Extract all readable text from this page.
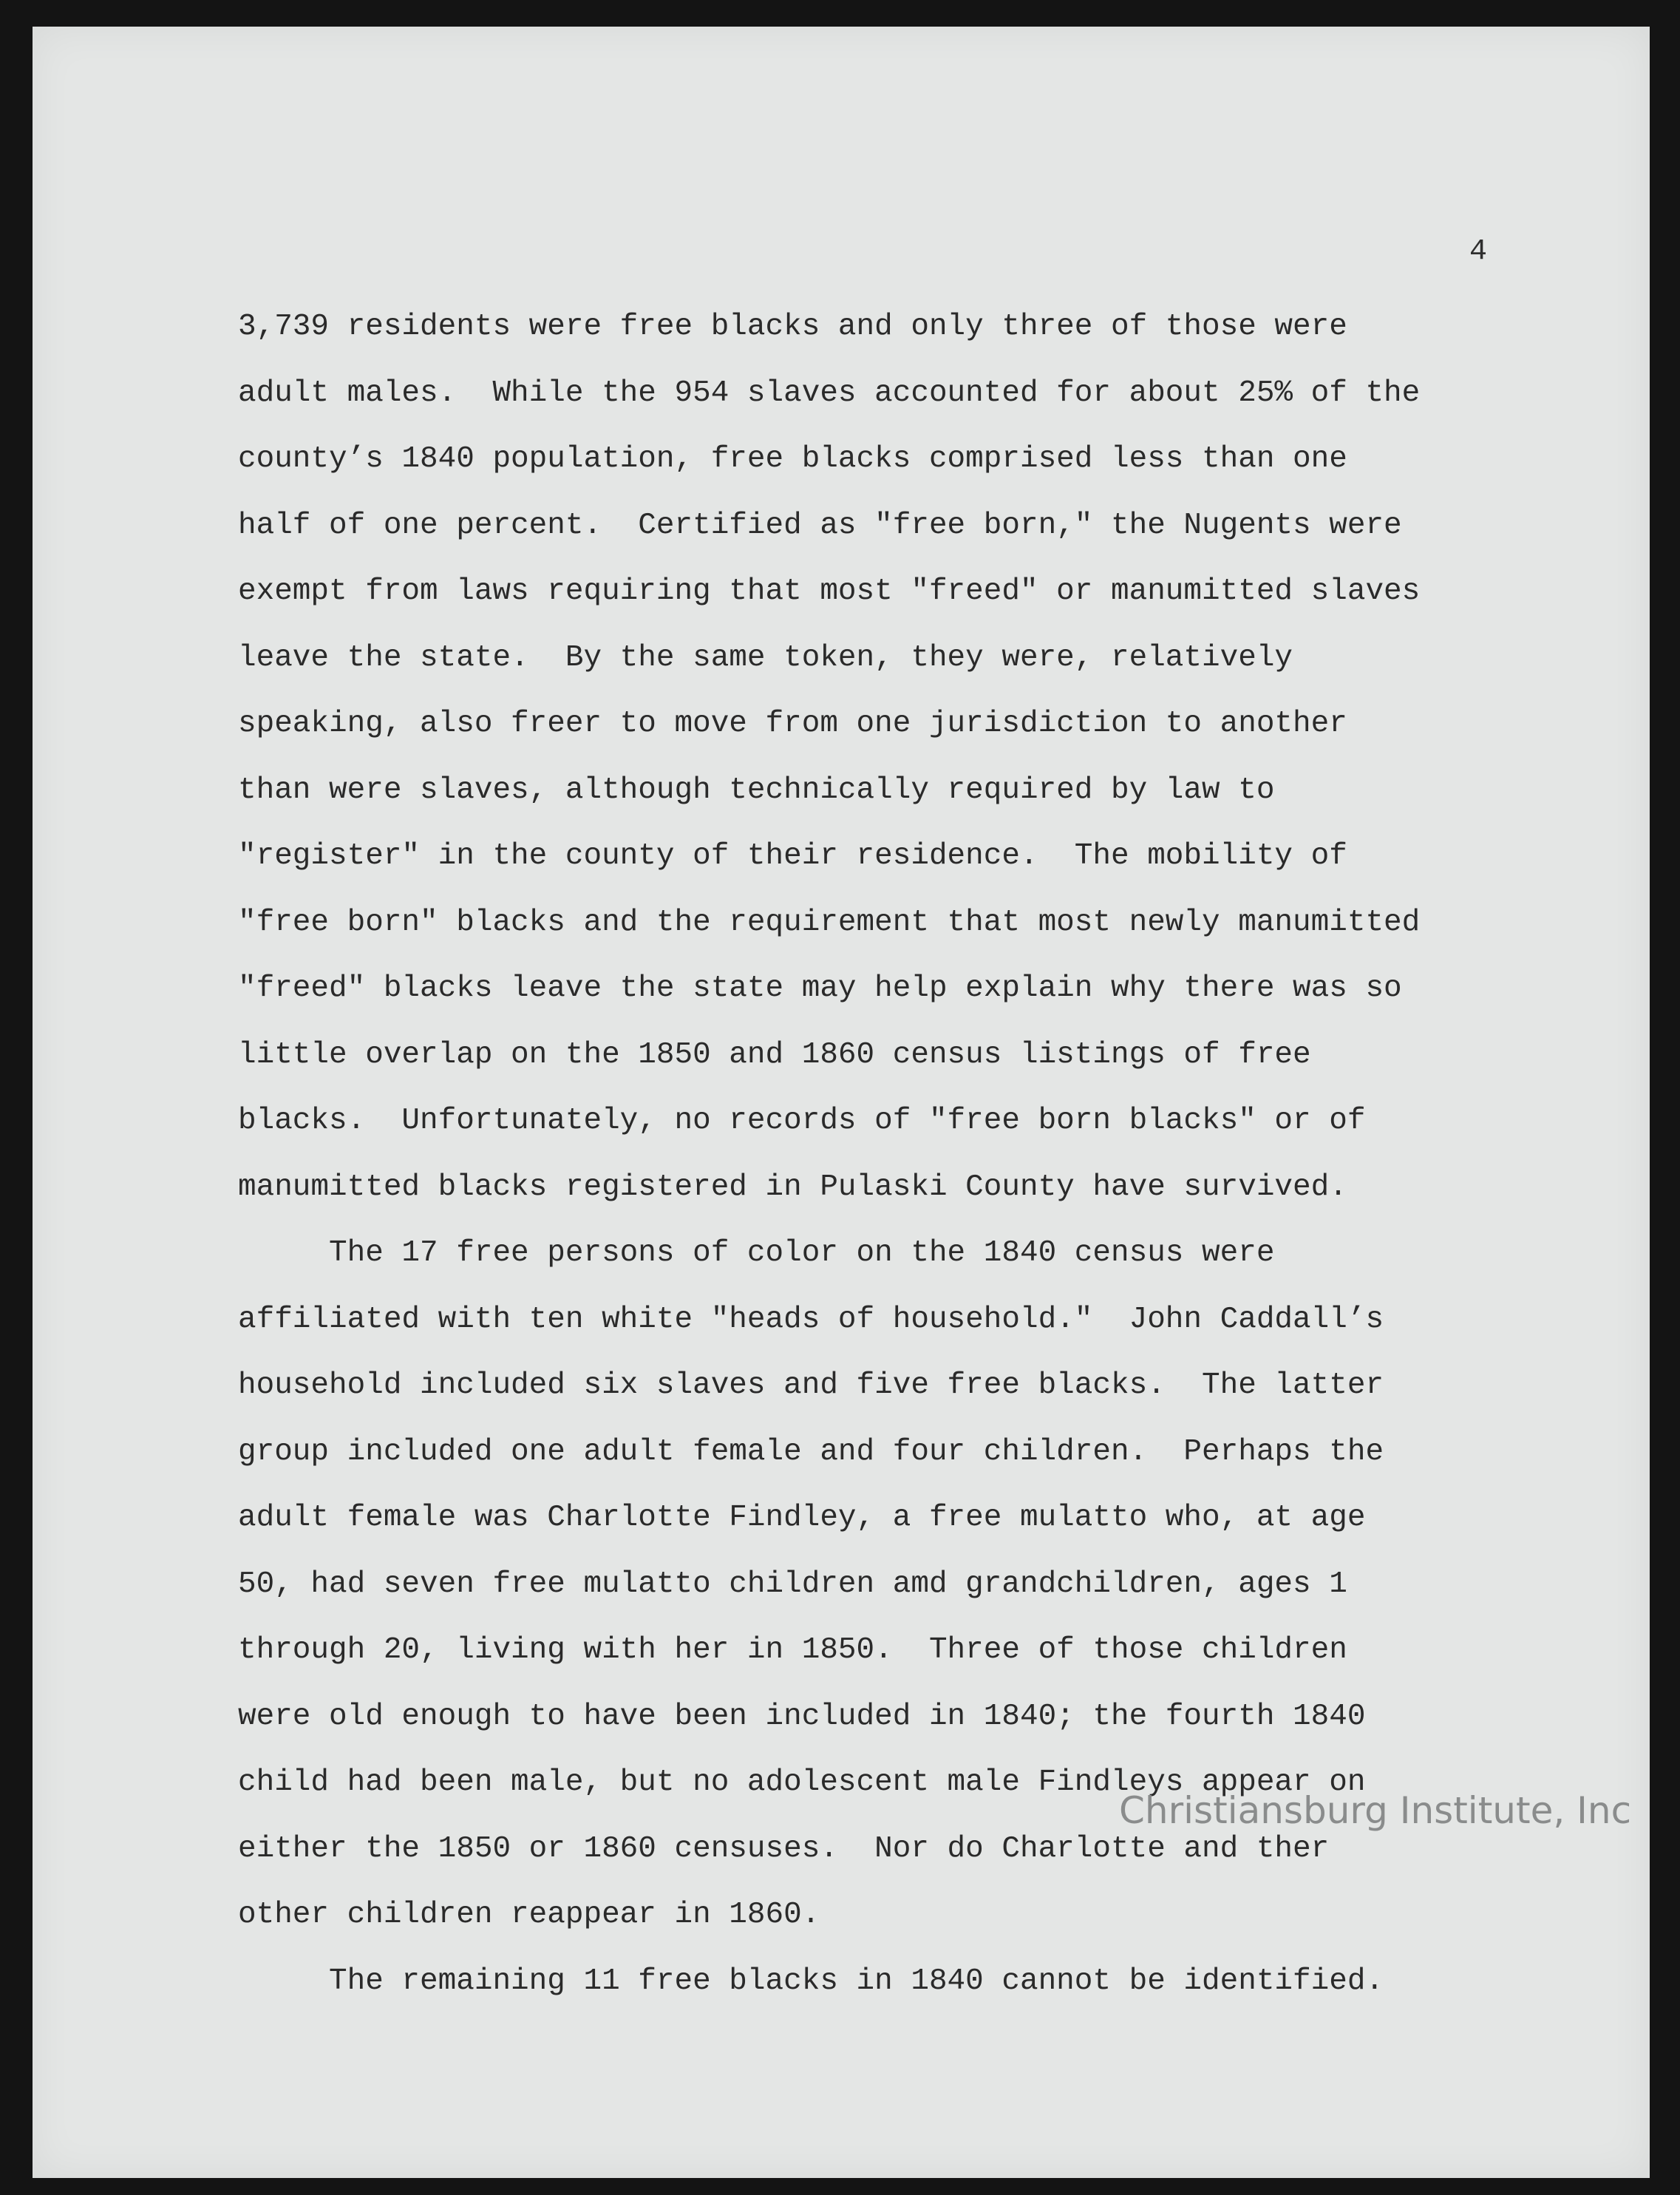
4
3,739 residents were free blacks and only three of those were
adult males.  While the 954 slaves accounted for about 25% of the
county’s 1840 population, free blacks comprised less than one
half of one percent.  Certified as "free born," the Nugents were
exempt from laws requiring that most "freed" or manumitted slaves
leave the state.  By the same token, they were, relatively
speaking, also freer to move from one jurisdiction to another
than were slaves, although technically required by law to
"register" in the county of their residence.  The mobility of
"free born" blacks and the requirement that most newly manumitted
"freed" blacks leave the state may help explain why there was so
little overlap on the 1850 and 1860 census listings of free
blacks.  Unfortunately, no records of "free born blacks" or of
manumitted blacks registered in Pulaski County have survived.
The 17 free persons of color on the 1840 census were
affiliated with ten white "heads of household."  John Caddall’s
household included six slaves and five free blacks.  The latter
group included one adult female and four children.  Perhaps the
adult female was Charlotte Findley, a free mulatto who, at age
50, had seven free mulatto children amd grandchildren, ages 1
through 20, living with her in 1850.  Three of those children
were old enough to have been included in 1840; the fourth 1840
child had been male, but no adolescent male Findleys appear on
either the 1850 or 1860 censuses.  Nor do Charlotte and ther
other children reappear in 1860.
The remaining 11 free blacks in 1840 cannot be identified.
Christiansburg Institute, Inc
